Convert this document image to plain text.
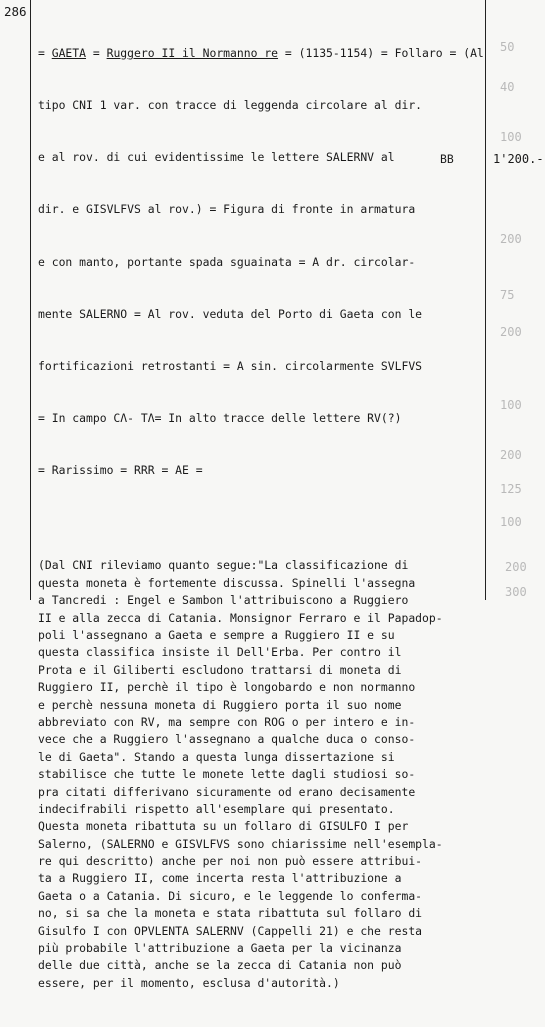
50
40
100
200
75
200
100
200
125
100
200
300
286

= GAETA = Ruggero II il Normanno re = (1135-1154) = Follaro = (Al

tipo CNI 1 var. con tracce di leggenda circolare al dir.

e al rov. di cui evidentissime le lettere SALERNV al

dir. e GISVLFVS al rov.) = Figura di fronte in armatura

e con manto, portante spada sguainata = A dr. circolar-

mente SALERNO = Al rov. veduta del Porto di Gaeta con le

fortificazioni retrostanti = A sin. circolarmente SVLFVS

= In campo CΛ- TΛ= In alto tracce delle lettere RV(?)

= Rarissimo = RRR = AE =

(Dal CNI rileviamo quanto segue:"La classificazione di
questa moneta è fortemente discussa. Spinelli l'assegna
a Tancredi : Engel e Sambon l'attribuiscono a Ruggiero
II e alla zecca di Catania. Monsignor Ferraro e il Papadop-
poli l'assegnano a Gaeta e sempre a Ruggiero II e su
questa classifica insiste il Dell'Erba. Per contro il
Prota e il Giliberti escludono trattarsi di moneta di
Ruggiero II, perchè il tipo è longobardo e non normanno
e perchè nessuna moneta di Ruggiero porta il suo nome
abbreviato con RV, ma sempre con ROG o per intero e in-
vece che a Ruggiero l'assegnano a qualche duca o conso-
le di Gaeta". Stando a questa lunga dissertazione si
stabilisce che tutte le monete lette dagli studiosi so-
pra citati differivano sicuramente od erano decisamente
indecifrabili rispetto all'esemplare qui presentato.
Questa moneta ribattuta su un follaro di GISULFO I per
Salerno, (SALERNO e GISVLFVS sono chiarissime nell'esempla-
re qui descritto) anche per noi non può essere attribui-
ta a Ruggiero II, come incerta resta l'attribuzione a
Gaeta o a Catania. Di sicuro, e le leggende lo conferma-
no, si sa che la moneta e stata ribattuta sul follaro di
Gisulfo I con OPVLENTA SALERNV (Cappelli 21) e che resta
più probabile l'attribuzione a Gaeta per la vicinanza
delle due città, anche se la zecca di Catania non può
essere, per il momento, esclusa d'autorità.)

BB	1'200.-
